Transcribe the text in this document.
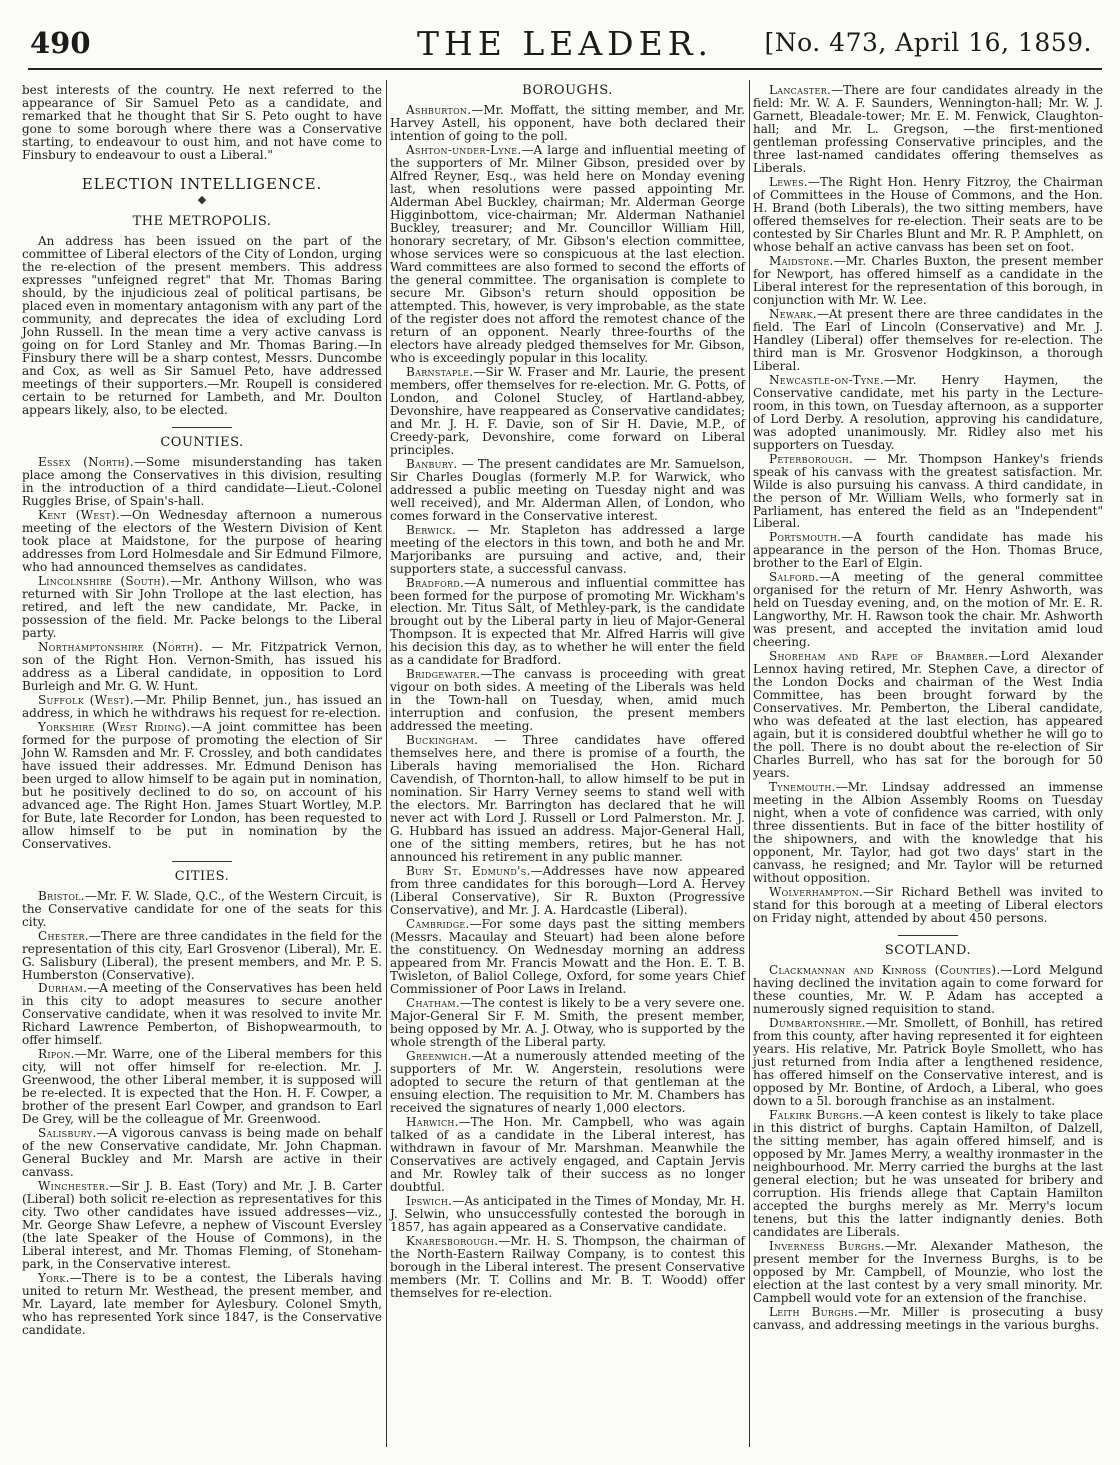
490	THE LEADER.	[No. 473, April 16, 1859.

best interests of the country. He next referred to the appearance of Sir Samuel Peto as a candidate, and remarked that he thought that Sir S. Peto ought to have gone to some borough where there was a Conservative starting, to endeavour to oust him, and not have come to Finsbury to endeavour to oust a Liberal."

ELECTION INTELLIGENCE.
◆
THE METROPOLIS.

An address has been issued on the part of the committee of Liberal electors of the City of London, urging the re-election of the present members. This address expresses "unfeigned regret" that Mr. Thomas Baring should, by the injudicious zeal of political partisans, be placed even in momentary antagonism with any part of the community, and deprecates the idea of excluding Lord John Russell. In the mean time a very active canvass is going on for Lord Stanley and Mr. Thomas Baring.—In Finsbury there will be a sharp contest, Messrs. Duncombe and Cox, as well as Sir Samuel Peto, have addressed meetings of their supporters.—Mr. Roupell is considered certain to be returned for Lambeth, and Mr. Doulton appears likely, also, to be elected.

COUNTIES.

Essex (North).—Some misunderstanding has taken place among the Conservatives in this division, resulting in the introduction of a third candidate—Lieut.-Colonel Ruggles Brise, of Spain's-hall.

Kent (West).—On Wednesday afternoon a numerous meeting of the electors of the Western Division of Kent took place at Maidstone, for the purpose of hearing addresses from Lord Holmesdale and Sir Edmund Filmore, who had announced themselves as candidates.

Lincolnshire (South).—Mr. Anthony Willson, who was returned with Sir John Trollope at the last election, has retired, and left the new candidate, Mr. Packe, in possession of the field. Mr. Packe belongs to the Liberal party.

Northamptonshire (North). — Mr. Fitzpatrick Vernon, son of the Right Hon. Vernon-Smith, has issued his address as a Liberal candidate, in opposition to Lord Burleigh and Mr. G. W. Hunt.

Suffolk (West).—Mr. Philip Bennet, jun., has issued an address, in which he withdraws his request for re-election.

Yorkshire (West Riding).—A joint committee has been formed for the purpose of promoting the election of Sir John W. Ramsden and Mr. F. Crossley, and both candidates have issued their addresses. Mr. Edmund Denison has been urged to allow himself to be again put in nomination, but he positively declined to do so, on account of his advanced age. The Right Hon. James Stuart Wortley, M.P. for Bute, late Recorder for London, has been requested to allow himself to be put in nomination by the Conservatives.

CITIES.

Bristol.—Mr. F. W. Slade, Q.C., of the Western Circuit, is the Conservative candidate for one of the seats for this city.

Chester.—There are three candidates in the field for the representation of this city, Earl Grosvenor (Liberal), Mr. E. G. Salisbury (Liberal), the present members, and Mr. P. S. Humberston (Conservative).

Durham.—A meeting of the Conservatives has been held in this city to adopt measures to secure another Conservative candidate, when it was resolved to invite Mr. Richard Lawrence Pemberton, of Bishopwearmouth, to offer himself.

Ripon.—Mr. Warre, one of the Liberal members for this city, will not offer himself for re-election. Mr. J. Greenwood, the other Liberal member, it is supposed will be re-elected. It is expected that the Hon. H. F. Cowper, a brother of the present Earl Cowper, and grandson to Earl De Grey, will be the colleague of Mr. Greenwood.

Salisbury.—A vigorous canvass is being made on behalf of the new Conservative candidate, Mr. John Chapman. General Buckley and Mr. Marsh are active in their canvass.

Winchester.—Sir J. B. East (Tory) and Mr. J. B. Carter (Liberal) both solicit re-election as representatives for this city. Two other candidates have issued addresses—viz., Mr. George Shaw Lefevre, a nephew of Viscount Eversley (the late Speaker of the House of Commons), in the Liberal interest, and Mr. Thomas Fleming, of Stoneham-park, in the Conservative interest.

York.—There is to be a contest, the Liberals having united to return Mr. Westhead, the present member, and Mr. Layard, late member for Aylesbury. Colonel Smyth, who has represented York since 1847, is the Conservative candidate.

BOROUGHS.

Ashburton.—Mr. Moffatt, the sitting member, and Mr. Harvey Astell, his opponent, have both declared their intention of going to the poll.

Ashton-under-Lyne.—A large and influential meeting of the supporters of Mr. Milner Gibson, presided over by Alfred Reyner, Esq., was held here on Monday evening last, when resolutions were passed appointing Mr. Alderman Abel Buckley, chairman; Mr. Alderman George Higginbottom, vice-chairman; Mr. Alderman Nathaniel Buckley, treasurer; and Mr. Councillor William Hill, honorary secretary, of Mr. Gibson's election committee, whose services were so conspicuous at the last election. Ward committees are also formed to second the efforts of the general committee. The organisation is complete to secure Mr. Gibson's return should opposition be attempted. This, however, is very improbable, as the state of the register does not afford the remotest chance of the return of an opponent. Nearly three-fourths of the electors have already pledged themselves for Mr. Gibson, who is exceedingly popular in this locality.

Barnstaple.—Sir W. Fraser and Mr. Laurie, the present members, offer themselves for re-election. Mr. G. Potts, of London, and Colonel Stucley, of Hartland-abbey, Devonshire, have reappeared as Conservative candidates; and Mr. J. H. F. Davie, son of Sir H. Davie, M.P., of Creedy-park, Devonshire, come forward on Liberal principles.

Banbury. — The present candidates are Mr. Samuelson, Sir Charles Douglas (formerly M.P. for Warwick, who addressed a public meeting on Tuesday night and was well received), and Mr. Alderman Allen, of London, who comes forward in the Conservative interest.

Berwick. — Mr. Stapleton has addressed a large meeting of the electors in this town, and both he and Mr. Marjoribanks are pursuing and active, and, their supporters state, a successful canvass.

Bradford.—A numerous and influential committee has been formed for the purpose of promoting Mr. Wickham's election. Mr. Titus Salt, of Methley-park, is the candidate brought out by the Liberal party in lieu of Major-General Thompson. It is expected that Mr. Alfred Harris will give his decision this day, as to whether he will enter the field as a candidate for Bradford.

Bridgewater.—The canvass is proceeding with great vigour on both sides. A meeting of the Liberals was held in the Town-hall on Tuesday, when, amid much interruption and confusion, the present members addressed the meeting.

Buckingham. — Three candidates have offered themselves here, and there is promise of a fourth, the Liberals having memorialised the Hon. Richard Cavendish, of Thornton-hall, to allow himself to be put in nomination. Sir Harry Verney seems to stand well with the electors. Mr. Barrington has declared that he will never act with Lord J. Russell or Lord Palmerston. Mr. J. G. Hubbard has issued an address. Major-General Hall, one of the sitting members, retires, but he has not announced his retirement in any public manner.

Bury St. Edmund's.—Addresses have now appeared from three candidates for this borough—Lord A. Hervey (Liberal Conservative), Sir R. Buxton (Progressive Conservative), and Mr. J. A. Hardcastle (Liberal).

Cambridge.—For some days past the sitting members (Messrs. Macaulay and Steuart) had been alone before the constituency. On Wednesday morning an address appeared from Mr. Francis Mowatt and the Hon. E. T. B. Twisleton, of Baliol College, Oxford, for some years Chief Commissioner of Poor Laws in Ireland.

Chatham.—The contest is likely to be a very severe one. Major-General Sir F. M. Smith, the present member, being opposed by Mr. A. J. Otway, who is supported by the whole strength of the Liberal party.

Greenwich.—At a numerously attended meeting of the supporters of Mr. W. Angerstein, resolutions were adopted to secure the return of that gentleman at the ensuing election. The requisition to Mr. M. Chambers has received the signatures of nearly 1,000 electors.

Harwich.—The Hon. Mr. Campbell, who was again talked of as a candidate in the Liberal interest, has withdrawn in favour of Mr. Marshman. Meanwhile the Conservatives are actively engaged, and Captain Jervis and Mr. Rowley talk of their success as no longer doubtful.

Ipswich.—As anticipated in the Times of Monday, Mr. H. J. Selwin, who unsuccessfully contested the borough in 1857, has again appeared as a Conservative candidate.

Knaresborough.—Mr. H. S. Thompson, the chairman of the North-Eastern Railway Company, is to contest this borough in the Liberal interest. The present Conservative members (Mr. T. Collins and Mr. B. T. Woodd) offer themselves for re-election.

Lancaster.—There are four candidates already in the field: Mr. W. A. F. Saunders, Wennington-hall; Mr. W. J. Garnett, Bleadale-tower; Mr. E. M. Fenwick, Claughton-hall; and Mr. L. Gregson, —the first-mentioned gentleman professing Conservative principles, and the three last-named candidates offering themselves as Liberals.

Lewes.—The Right Hon. Henry Fitzroy, the Chairman of Committees in the House of Commons, and the Hon. H. Brand (both Liberals), the two sitting members, have offered themselves for re-election. Their seats are to be contested by Sir Charles Blunt and Mr. R. P. Amphlett, on whose behalf an active canvass has been set on foot.

Maidstone.—Mr. Charles Buxton, the present member for Newport, has offered himself as a candidate in the Liberal interest for the representation of this borough, in conjunction with Mr. W. Lee.

Newark.—At present there are three candidates in the field. The Earl of Lincoln (Conservative) and Mr. J. Handley (Liberal) offer themselves for re-election. The third man is Mr. Grosvenor Hodgkinson, a thorough Liberal.

Newcastle-on-Tyne.—Mr. Henry Haymen, the Conservative candidate, met his party in the Lecture-room, in this town, on Tuesday afternoon, as a supporter of Lord Derby. A resolution, approving his candidature, was adopted unanimously. Mr. Ridley also met his supporters on Tuesday.

Peterborough. — Mr. Thompson Hankey's friends speak of his canvass with the greatest satisfaction. Mr. Wilde is also pursuing his canvass. A third candidate, in the person of Mr. William Wells, who formerly sat in Parliament, has entered the field as an "Independent" Liberal.

Portsmouth.—A fourth candidate has made his appearance in the person of the Hon. Thomas Bruce, brother to the Earl of Elgin.

Salford.—A meeting of the general committee organised for the return of Mr. Henry Ashworth, was held on Tuesday evening, and, on the motion of Mr. E. R. Langworthy, Mr. H. Rawson took the chair. Mr. Ashworth was present, and accepted the invitation amid loud cheering.

Shoreham and Rape of Bramber.—Lord Alexander Lennox having retired, Mr. Stephen Cave, a director of the London Docks and chairman of the West India Committee, has been brought forward by the Conservatives. Mr. Pemberton, the Liberal candidate, who was defeated at the last election, has appeared again, but it is considered doubtful whether he will go to the poll. There is no doubt about the re-election of Sir Charles Burrell, who has sat for the borough for 50 years.

Tynemouth.—Mr. Lindsay addressed an immense meeting in the Albion Assembly Rooms on Tuesday night, when a vote of confidence was carried, with only three dissentients. But in face of the bitter hostility of the shipowners, and with the knowledge that his opponent, Mr. Taylor, had got two days' start in the canvass, he resigned; and Mr. Taylor will be returned without opposition.

Wolverhampton.—Sir Richard Bethell was invited to stand for this borough at a meeting of Liberal electors on Friday night, attended by about 450 persons.

SCOTLAND.

Clackmannan and Kinross (Counties).—Lord Melgund having declined the invitation again to come forward for these counties, Mr. W. P. Adam has accepted a numerously signed requisition to stand.

Dumbartonshire.—Mr. Smollett, of Bonhill, has retired from this county, after having represented it for eighteen years. His relative, Mr. Patrick Boyle Smollett, who has just returned from India after a lengthened residence, has offered himself on the Conservative interest, and is opposed by Mr. Bontine, of Ardoch, a Liberal, who goes down to a 5l. borough franchise as an instalment.

Falkirk Burghs.—A keen contest is likely to take place in this district of burghs. Captain Hamilton, of Dalzell, the sitting member, has again offered himself, and is opposed by Mr. James Merry, a wealthy ironmaster in the neighbourhood. Mr. Merry carried the burghs at the last general election; but he was unseated for bribery and corruption. His friends allege that Captain Hamilton accepted the burghs merely as Mr. Merry's locum tenens, but this the latter indignantly denies. Both candidates are Liberals.

Inverness Burghs.—Mr. Alexander Matheson, the present member for the Inverness Burghs, is to be opposed by Mr. Campbell, of Mounzie, who lost the election at the last contest by a very small minority. Mr. Campbell would vote for an extension of the franchise.

Leith Burghs.—Mr. Miller is prosecuting a busy canvass, and addressing meetings in the various burghs.
